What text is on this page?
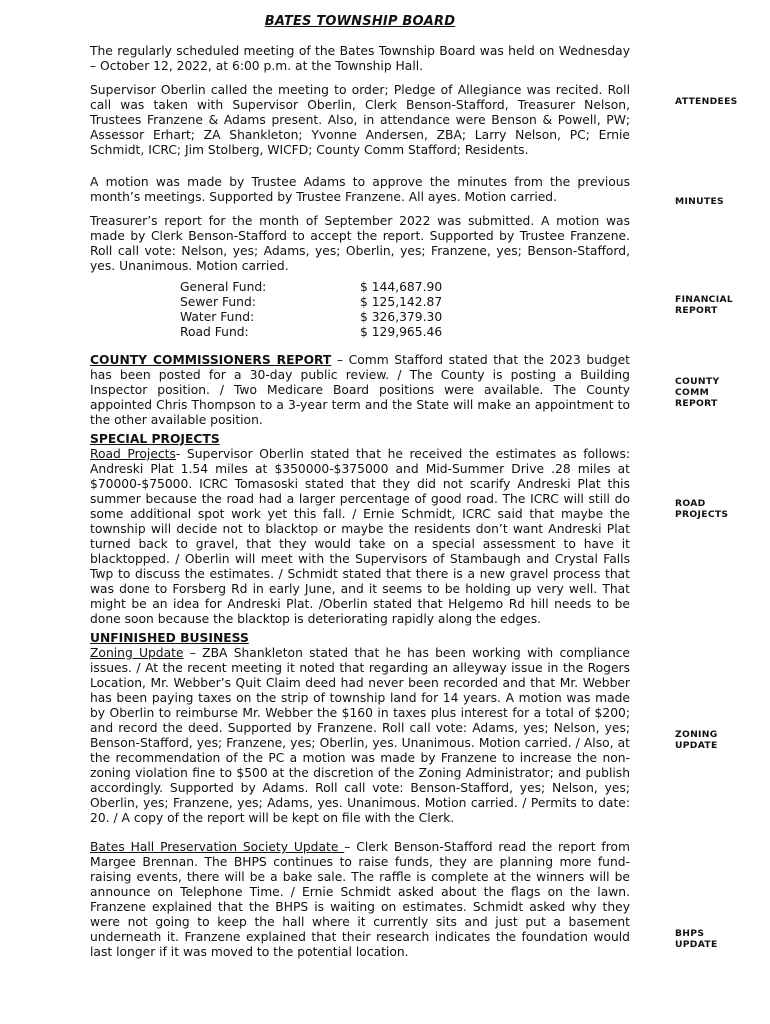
BATES TOWNSHIP BOARD

The regularly scheduled meeting of the Bates Township Board was held on Wednesday – October 12, 2022, at 6:00 p.m. at the Township Hall.

Supervisor Oberlin called the meeting to order; Pledge of Allegiance was recited. Roll call was taken with Supervisor Oberlin, Clerk Benson-Stafford, Treasurer Nelson, Trustees Franzene & Adams present. Also, in attendance were Benson & Powell, PW; Assessor Erhart; ZA Shankleton; Yvonne Andersen, ZBA; Larry Nelson, PC; Ernie Schmidt, ICRC; Jim Stolberg, WICFD; County Comm Stafford; Residents.

A motion was made by Trustee Adams to approve the minutes from the previous month’s meetings. Supported by Trustee Franzene. All ayes. Motion carried.

Treasurer’s report for the month of September 2022 was submitted. A motion was made by Clerk Benson-Stafford to accept the report. Supported by Trustee Franzene. Roll call vote: Nelson, yes; Adams, yes; Oberlin, yes; Franzene, yes; Benson-Stafford, yes. Unanimous. Motion carried.

General Fund:	$ 144,687.90
Sewer Fund:	$ 125,142.87
Water Fund:	$ 326,379.30
Road Fund:	$ 129,965.46

COUNTY COMMISSIONERS REPORT – Comm Stafford stated that the 2023 budget has been posted for a 30-day public review. / The County is posting a Building Inspector position. / Two Medicare Board positions were available. The County appointed Chris Thompson to a 3-year term and the State will make an appointment to the other available position.

SPECIAL PROJECTS

Road Projects- Supervisor Oberlin stated that he received the estimates as follows: Andreski Plat 1.54 miles at $350000-$375000 and Mid-Summer Drive .28 miles at $70000-$75000. ICRC Tomasoski stated that they did not scarify Andreski Plat this summer because the road had a larger percentage of good road. The ICRC will still do some additional spot work yet this fall. / Ernie Schmidt, ICRC said that maybe the township will decide not to blacktop or maybe the residents don’t want Andreski Plat turned back to gravel, that they would take on a special assessment to have it blacktopped. / Oberlin will meet with the Supervisors of Stambaugh and Crystal Falls Twp to discuss the estimates. / Schmidt stated that there is a new gravel process that was done to Forsberg Rd in early June, and it seems to be holding up very well. That might be an idea for Andreski Plat. /Oberlin stated that Helgemo Rd hill needs to be done soon because the blacktop is deteriorating rapidly along the edges.

UNFINISHED BUSINESS

Zoning Update – ZBA Shankleton stated that he has been working with compliance issues. / At the recent meeting it noted that regarding an alleyway issue in the Rogers Location, Mr. Webber’s Quit Claim deed had never been recorded and that Mr. Webber has been paying taxes on the strip of township land for 14 years. A motion was made by Oberlin to reimburse Mr. Webber the $160 in taxes plus interest for a total of $200; and record the deed. Supported by Franzene. Roll call vote: Adams, yes; Nelson, yes; Benson-Stafford, yes; Franzene, yes; Oberlin, yes. Unanimous. Motion carried. / Also, at the recommendation of the PC a motion was made by Franzene to increase the non-zoning violation fine to $500 at the discretion of the Zoning Administrator; and publish accordingly. Supported by Adams. Roll call vote: Benson-Stafford, yes; Nelson, yes; Oberlin, yes; Franzene, yes; Adams, yes. Unanimous. Motion carried. / Permits to date: 20. / A copy of the report will be kept on file with the Clerk.

Bates Hall Preservation Society Update – Clerk Benson-Stafford read the report from Margee Brennan. The BHPS continues to raise funds, they are planning more fund-raising events, there will be a bake sale. The raffle is complete at the winners will be announce on Telephone Time. / Ernie Schmidt asked about the flags on the lawn. Franzene explained that the BHPS is waiting on estimates. Schmidt asked why they were not going to keep the hall where it currently sits and just put a basement underneath it. Franzene explained that their research indicates the foundation would last longer if it was moved to the potential location.

ATTENDEES
MINUTES
FINANCIAL
REPORT
COUNTY
COMM
REPORT
ROAD
PROJECTS
ZONING
UPDATE
BHPS
UPDATE
